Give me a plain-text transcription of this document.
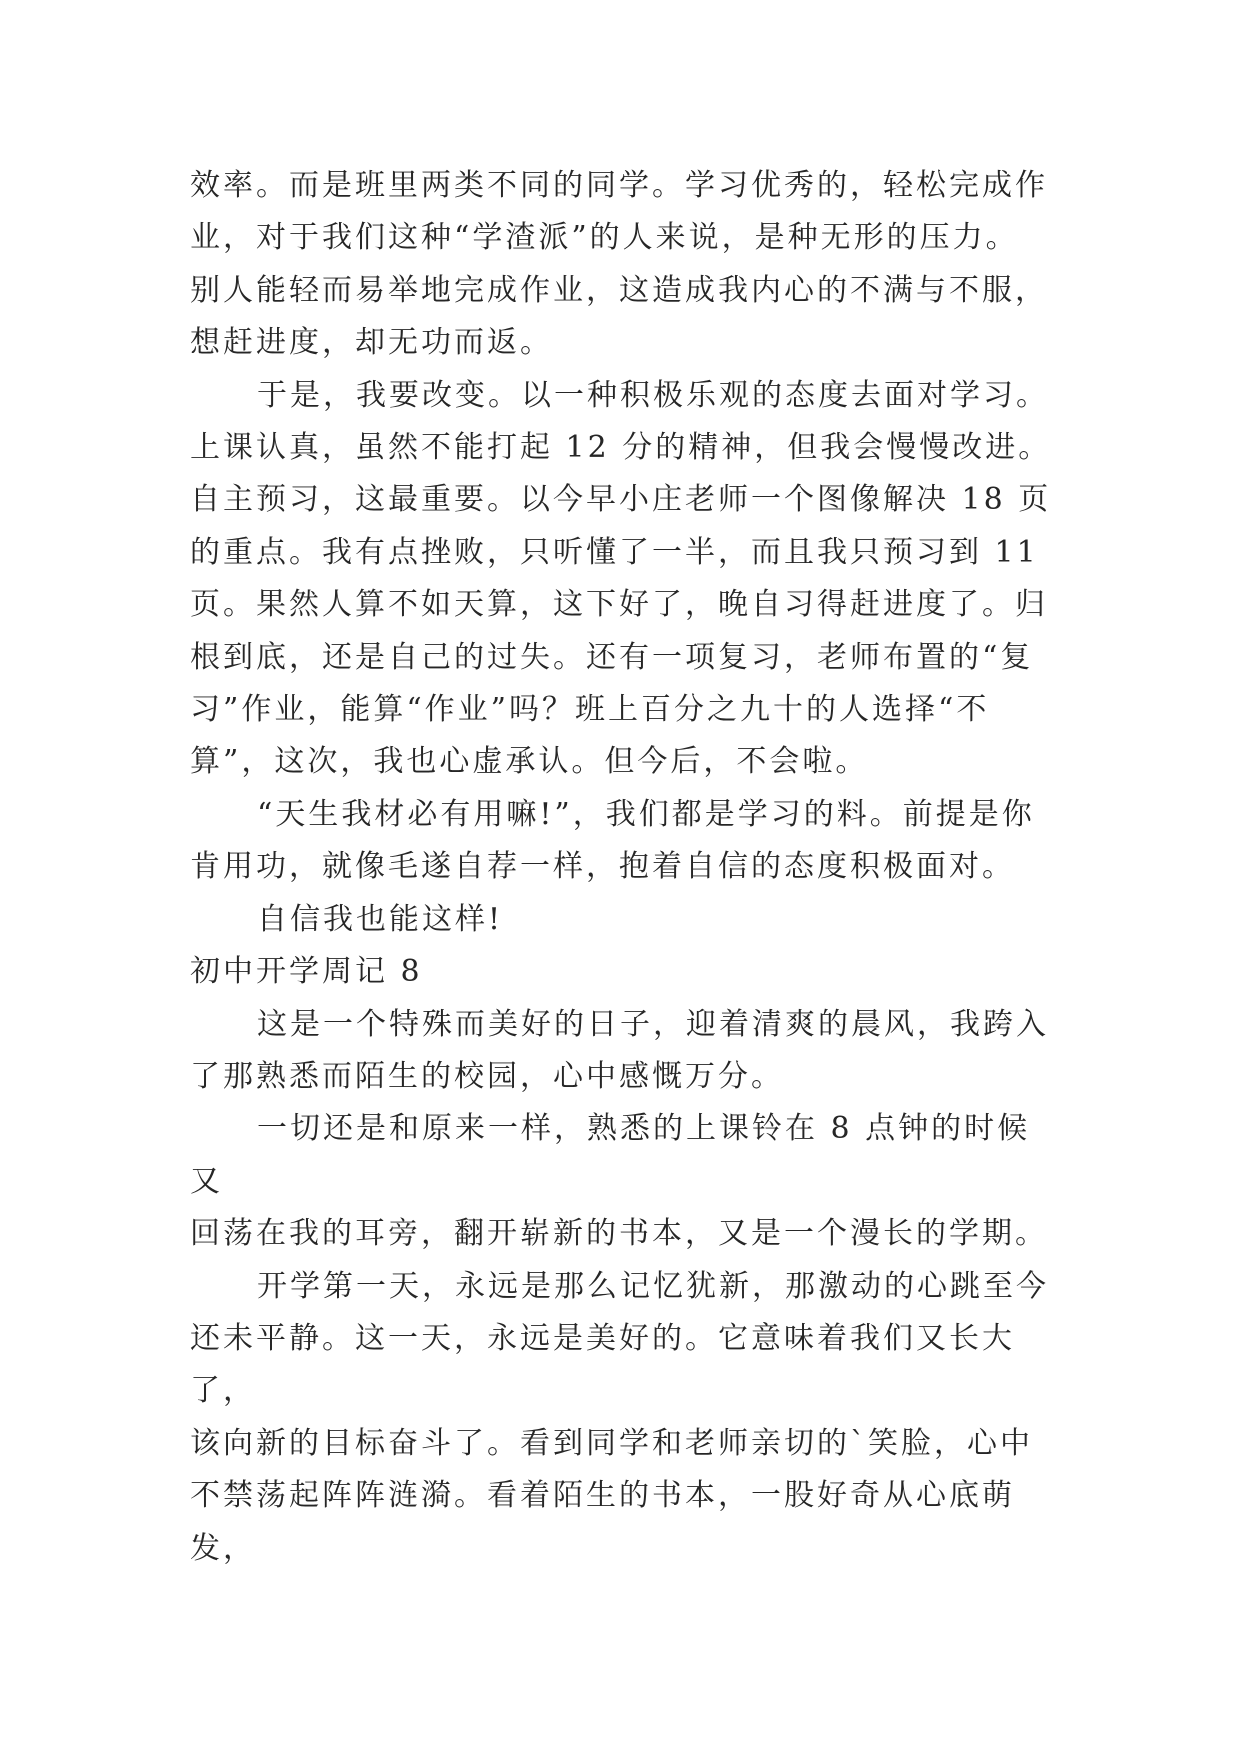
效率。而是班里两类不同的同学。学习优秀的，轻松完成作
业，对于我们这种“学渣派”的人来说，是种无形的压力。
别人能轻而易举地完成作业，这造成我内心的不满与不服，
想赶进度，却无功而返。

于是，我要改变。以一种积极乐观的态度去面对学习。
上课认真，虽然不能打起 12 分的精神，但我会慢慢改进。
自主预习，这最重要。以今早小庄老师一个图像解决 18 页
的重点。我有点挫败，只听懂了一半，而且我只预习到 11
页。果然人算不如天算，这下好了，晚自习得赶进度了。归
根到底，还是自己的过失。还有一项复习，老师布置的“复
习”作业，能算“作业”吗？班上百分之九十的人选择“不
算”，这次，我也心虚承认。但今后，不会啦。

“天生我材必有用嘛!”，我们都是学习的料。前提是你
肯用功，就像毛遂自荐一样，抱着自信的态度积极面对。

自信我也能这样!

初中开学周记 8

这是一个特殊而美好的日子，迎着清爽的晨风，我跨入
了那熟悉而陌生的校园，心中感慨万分。

一切还是和原来一样，熟悉的上课铃在 8 点钟的时候又
回荡在我的耳旁，翻开崭新的书本，又是一个漫长的学期。

开学第一天，永远是那么记忆犹新，那激动的心跳至今
还未平静。这一天，永远是美好的。它意味着我们又长大了，
该向新的目标奋斗了。看到同学和老师亲切的`笑脸，心中
不禁荡起阵阵涟漪。看着陌生的书本，一股好奇从心底萌发，
